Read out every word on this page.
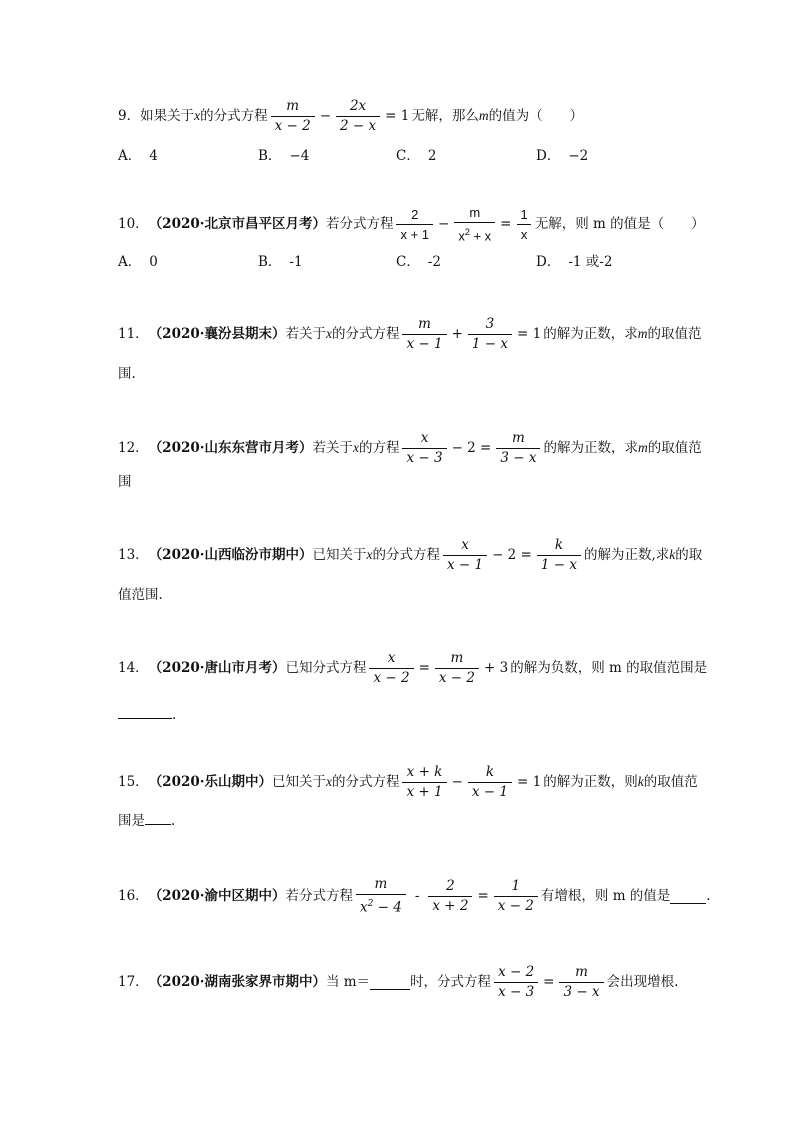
9． 如果关于 x 的分式方程 $\frac{m}{x - 2} - \frac{2x}{2 - x} = 1$ 无解，那么 m 的值为（　　）
A． 4	B． −4	C． 2	D． −2
10． （2020·北京市昌平区月考） 若分式方程 $\frac{2}{x + 1} - \frac{m}{x^2 + x} = \frac{1}{x}$ 无解，则 m 的值是（　　）
A． 0	B． -1	C． -2	D． -1 或-2
11． （2020·襄汾县期末） 若关于 x 的分式方程 $\frac{m}{x - 1} + \frac{3}{1 - x} = 1$ 的解为正数，求 m 的取值范
围.
12． （2020·山东东营市月考） 若关于 x 的方程 $\frac{x}{x - 3} - 2 = \frac{m}{3 - x}$ 的解为正数，求 m 的取值范
围
13． （2020·山西临汾市期中） 已知关于 x 的分式方程 $\frac{x}{x - 1} - 2 = \frac{k}{1 - x}$ 的解为正数,求 k 的取
值范围.
14． （2020·唐山市月考） 已知分式方程 $\frac{x}{x - 2} = \frac{m}{x - 2} + 3$ 的解为负数，则 m 的取值范围是
.
15． （2020·乐山期中） 已知关于 x 的分式方程 $\frac{x + k}{x + 1} - \frac{k}{x - 1} = 1$ 的解为正数，则 k 的取值范
围是 .
16． （2020·渝中区期中） 若分式方程 $\frac{m}{x^2 - 4} - \frac{2}{x + 2} = \frac{1}{x - 2}$ 有增根，则 m 的值是	.
17． （2020·湖南张家界市期中） 当 m＝	时，分式方程 $\frac{x - 2}{x - 3} = \frac{m}{3 - x}$ 会出现增根.
